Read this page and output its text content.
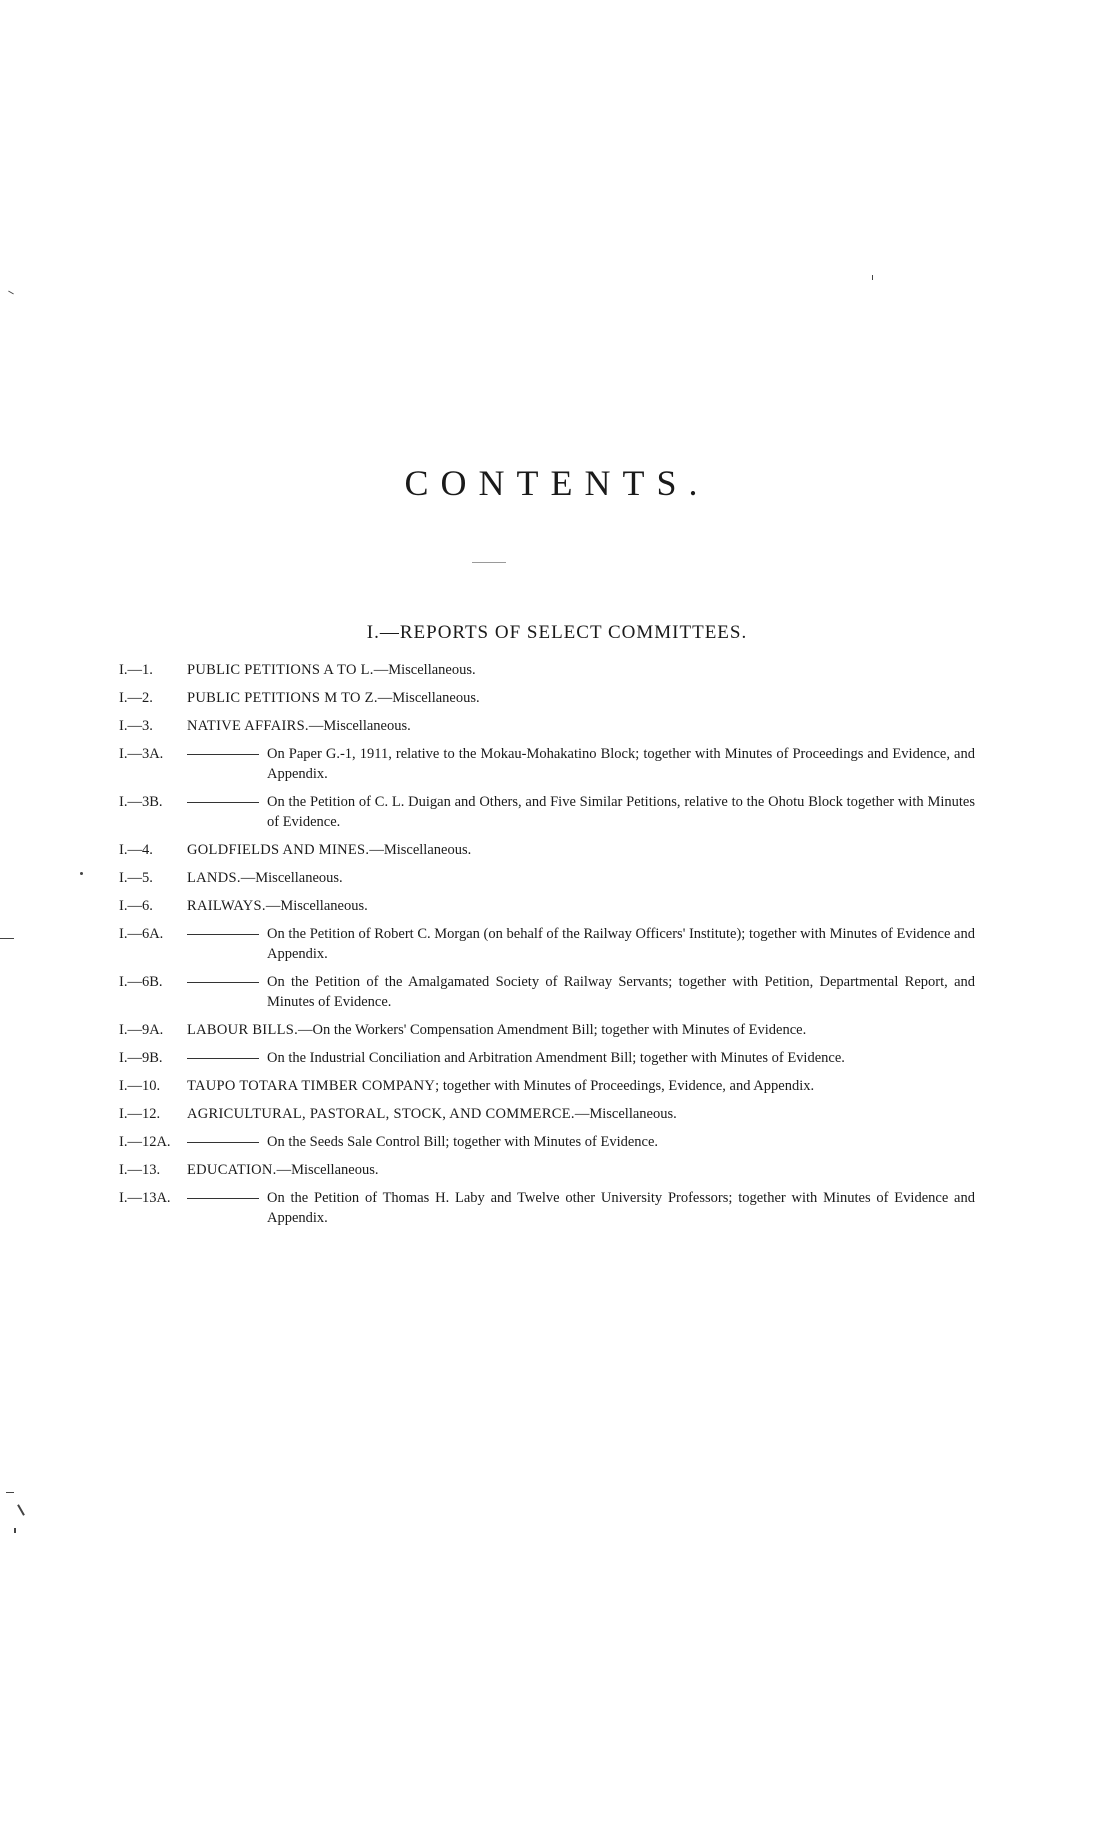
CONTENTS.
I.—REPORTS OF SELECT COMMITTEES.
I.—1.	PUBLIC PETITIONS A TO L.—Miscellaneous.
I.—2.	PUBLIC PETITIONS M TO Z.—Miscellaneous.
I.—3.	NATIVE AFFAIRS.—Miscellaneous.
I.—3A.	On Paper G.-1, 1911, relative to the Mokau-Mohakatino Block; together with Minutes of Proceedings and Evidence, and Appendix.
I.—3B.	On the Petition of C. L. Duigan and Others, and Five Similar Petitions, relative to the Ohotu Block together with Minutes of Evidence.
I.—4.	GOLDFIELDS AND MINES.—Miscellaneous.
I.—5.	LANDS.—Miscellaneous.
I.—6.	RAILWAYS.—Miscellaneous.
I.—6A.	On the Petition of Robert C. Morgan (on behalf of the Railway Officers' Institute); together with Minutes of Evidence and Appendix.
I.—6B.	On the Petition of the Amalgamated Society of Railway Servants; together with Petition, Departmental Report, and Minutes of Evidence.
I.—9A.	LABOUR BILLS.—On the Workers' Compensation Amendment Bill; together with Minutes of Evidence.
I.—9B.	On the Industrial Conciliation and Arbitration Amendment Bill; together with Minutes of Evidence.
I.—10.	TAUPO TOTARA TIMBER COMPANY; together with Minutes of Proceedings, Evidence, and Appendix.
I.—12.	AGRICULTURAL, PASTORAL, STOCK, AND COMMERCE.—Miscellaneous.
I.—12A.	On the Seeds Sale Control Bill; together with Minutes of Evidence.
I.—13.	EDUCATION.—Miscellaneous.
I.—13A.	On the Petition of Thomas H. Laby and Twelve other University Professors; together with Minutes of Evidence and Appendix.
